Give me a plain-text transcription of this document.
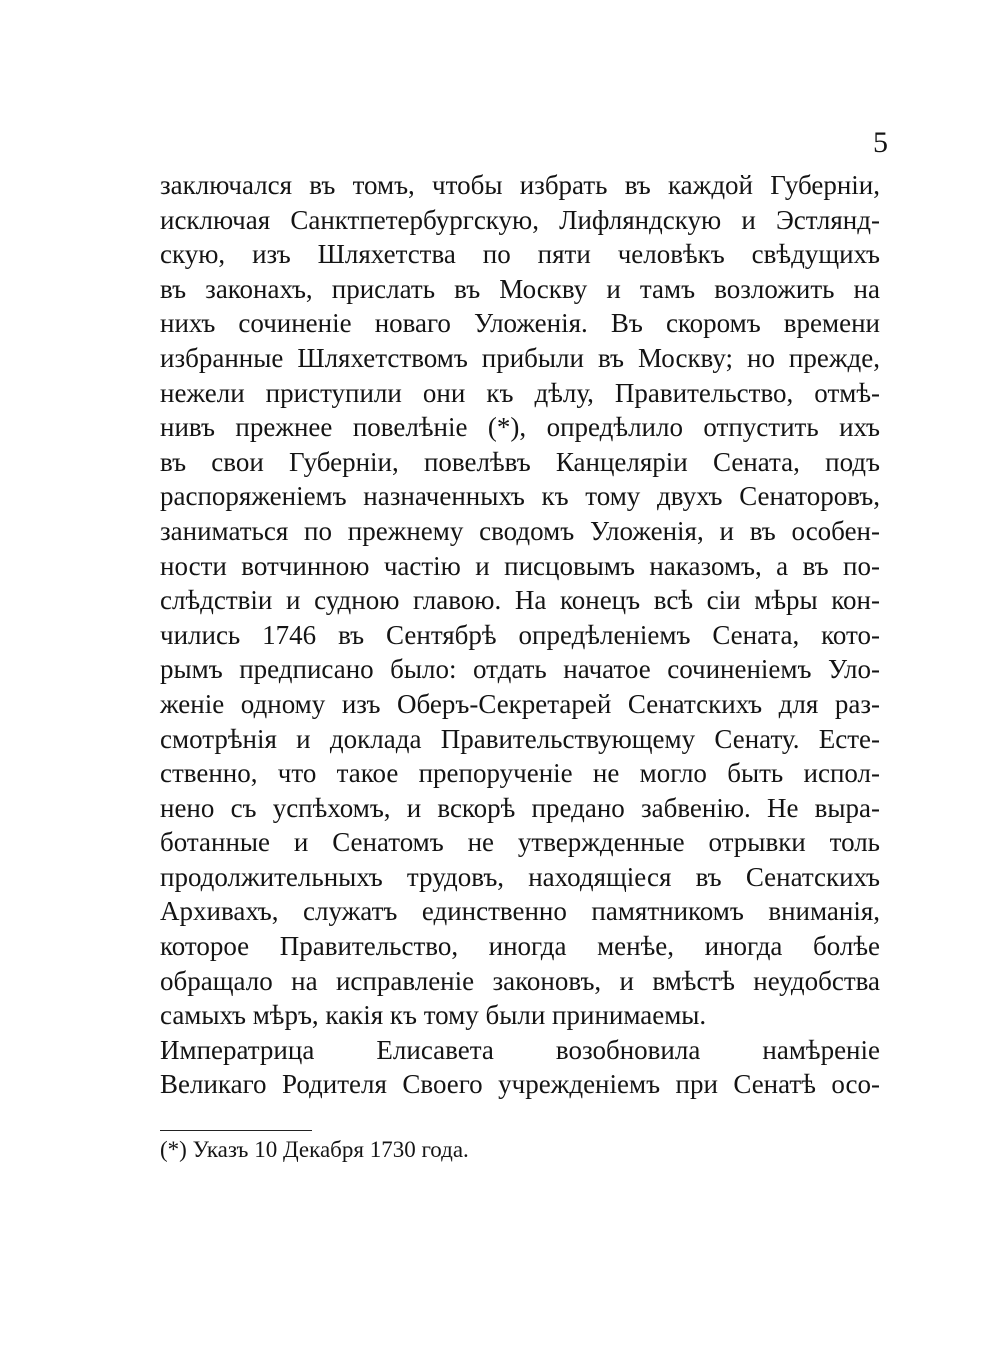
5
заключался въ томъ, чтобы избрать въ каждой Губерніи,
исключая Санктпетербургскую, Лифляндскую и Эстлянд-
скую, изъ Шляхетства по пяти человѣкъ свѣдущихъ
въ законахъ, прислать въ Москву и тамъ возложить на
нихъ сочиненіе новаго Уложенія. Въ скоромъ времени
избранные Шляхетствомъ прибыли въ Москву; но прежде,
нежели приступили они къ дѣлу, Правительство, отмѣ-
нивъ прежнее повелѣніе (*), опредѣлило отпустить ихъ
въ свои Губерніи, повелѣвъ Канцеляріи Сената, подъ
распоряженіемъ назначенныхъ къ тому двухъ Сенаторовъ,
заниматься по прежнему сводомъ Уложенія, и въ особен-
ности вотчинною частію и писцовымъ наказомъ, а въ по-
слѣдствіи и судною главою. На конецъ всѣ сіи мѣры кон-
чились 1746 въ Сентябрѣ опредѣленіемъ Сената, кото-
рымъ предписано было: отдать начатое сочиненіемъ Уло-
женіе одному изъ Оберъ-Секретарей Сенатскихъ для раз-
смотрѣнія и доклада Правительствующему Сенату. Есте-
ственно, что такое препорученіе не могло быть испол-
нено съ успѣхомъ, и вскорѣ предано забвенію. Не выра-
ботанные и Сенатомъ не утвержденные отрывки толь
продолжительныхъ трудовъ, находящіеся въ Сенатскихъ
Архивахъ, служатъ единственно памятникомъ вниманія,
которое Правительство, иногда менѣе, иногда болѣе
обращало на исправленіе законовъ, и вмѣстѣ неудобства
самыхъ мѣръ, какія къ тому были принимаемы.
Императрица Елисавета возобновила намѣреніе
Великаго Родителя Своего учрежденіемъ при Сенатѣ осо-
(*) Указъ 10 Декабря 1730 года.
